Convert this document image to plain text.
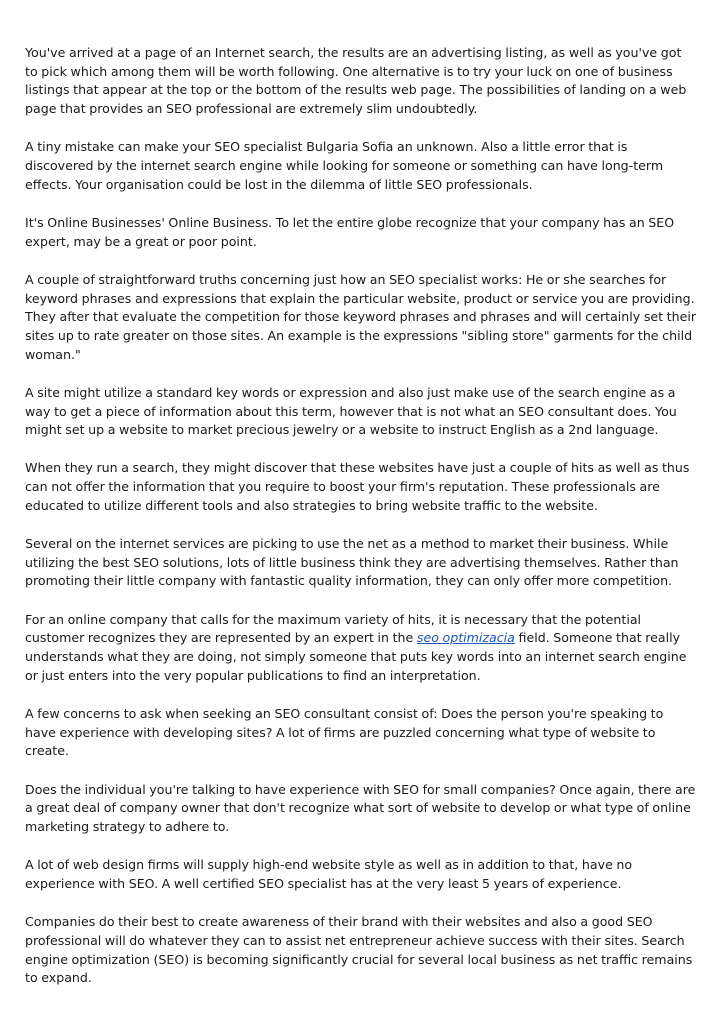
You've arrived at a page of an Internet search, the results are an advertising listing, as well as you've got to pick which among them will be worth following. One alternative is to try your luck on one of business listings that appear at the top or the bottom of the results web page. The possibilities of landing on a web page that provides an SEO professional are extremely slim undoubtedly.

A tiny mistake can make your SEO specialist Bulgaria Sofia an unknown. Also a little error that is discovered by the internet search engine while looking for someone or something can have long-term effects. Your organisation could be lost in the dilemma of little SEO professionals.

It's Online Businesses' Online Business. To let the entire globe recognize that your company has an SEO expert, may be a great or poor point.

A couple of straightforward truths concerning just how an SEO specialist works: He or she searches for keyword phrases and expressions that explain the particular website, product or service you are providing. They after that evaluate the competition for those keyword phrases and phrases and will certainly set their sites up to rate greater on those sites. An example is the expressions "sibling store" garments for the child woman."

A site might utilize a standard key words or expression and also just make use of the search engine as a way to get a piece of information about this term, however that is not what an SEO consultant does. You might set up a website to market precious jewelry or a website to instruct English as a 2nd language.

When they run a search, they might discover that these websites have just a couple of hits as well as thus can not offer the information that you require to boost your firm's reputation. These professionals are educated to utilize different tools and also strategies to bring website traffic to the website.

Several on the internet services are picking to use the net as a method to market their business. While utilizing the best SEO solutions, lots of little business think they are advertising themselves. Rather than promoting their little company with fantastic quality information, they can only offer more competition.

For an online company that calls for the maximum variety of hits, it is necessary that the potential customer recognizes they are represented by an expert in the seo optimizacia field. Someone that really understands what they are doing, not simply someone that puts key words into an internet search engine or just enters into the very popular publications to find an interpretation.

A few concerns to ask when seeking an SEO consultant consist of: Does the person you're speaking to have experience with developing sites? A lot of firms are puzzled concerning what type of website to create.

Does the individual you're talking to have experience with SEO for small companies? Once again, there are a great deal of company owner that don't recognize what sort of website to develop or what type of online marketing strategy to adhere to.

A lot of web design firms will supply high-end website style as well as in addition to that, have no experience with SEO. A well certified SEO specialist has at the very least 5 years of experience.

Companies do their best to create awareness of their brand with their websites and also a good SEO professional will do whatever they can to assist net entrepreneur achieve success with their sites. Search engine optimization (SEO) is becoming significantly crucial for several local business as net traffic remains to expand.
